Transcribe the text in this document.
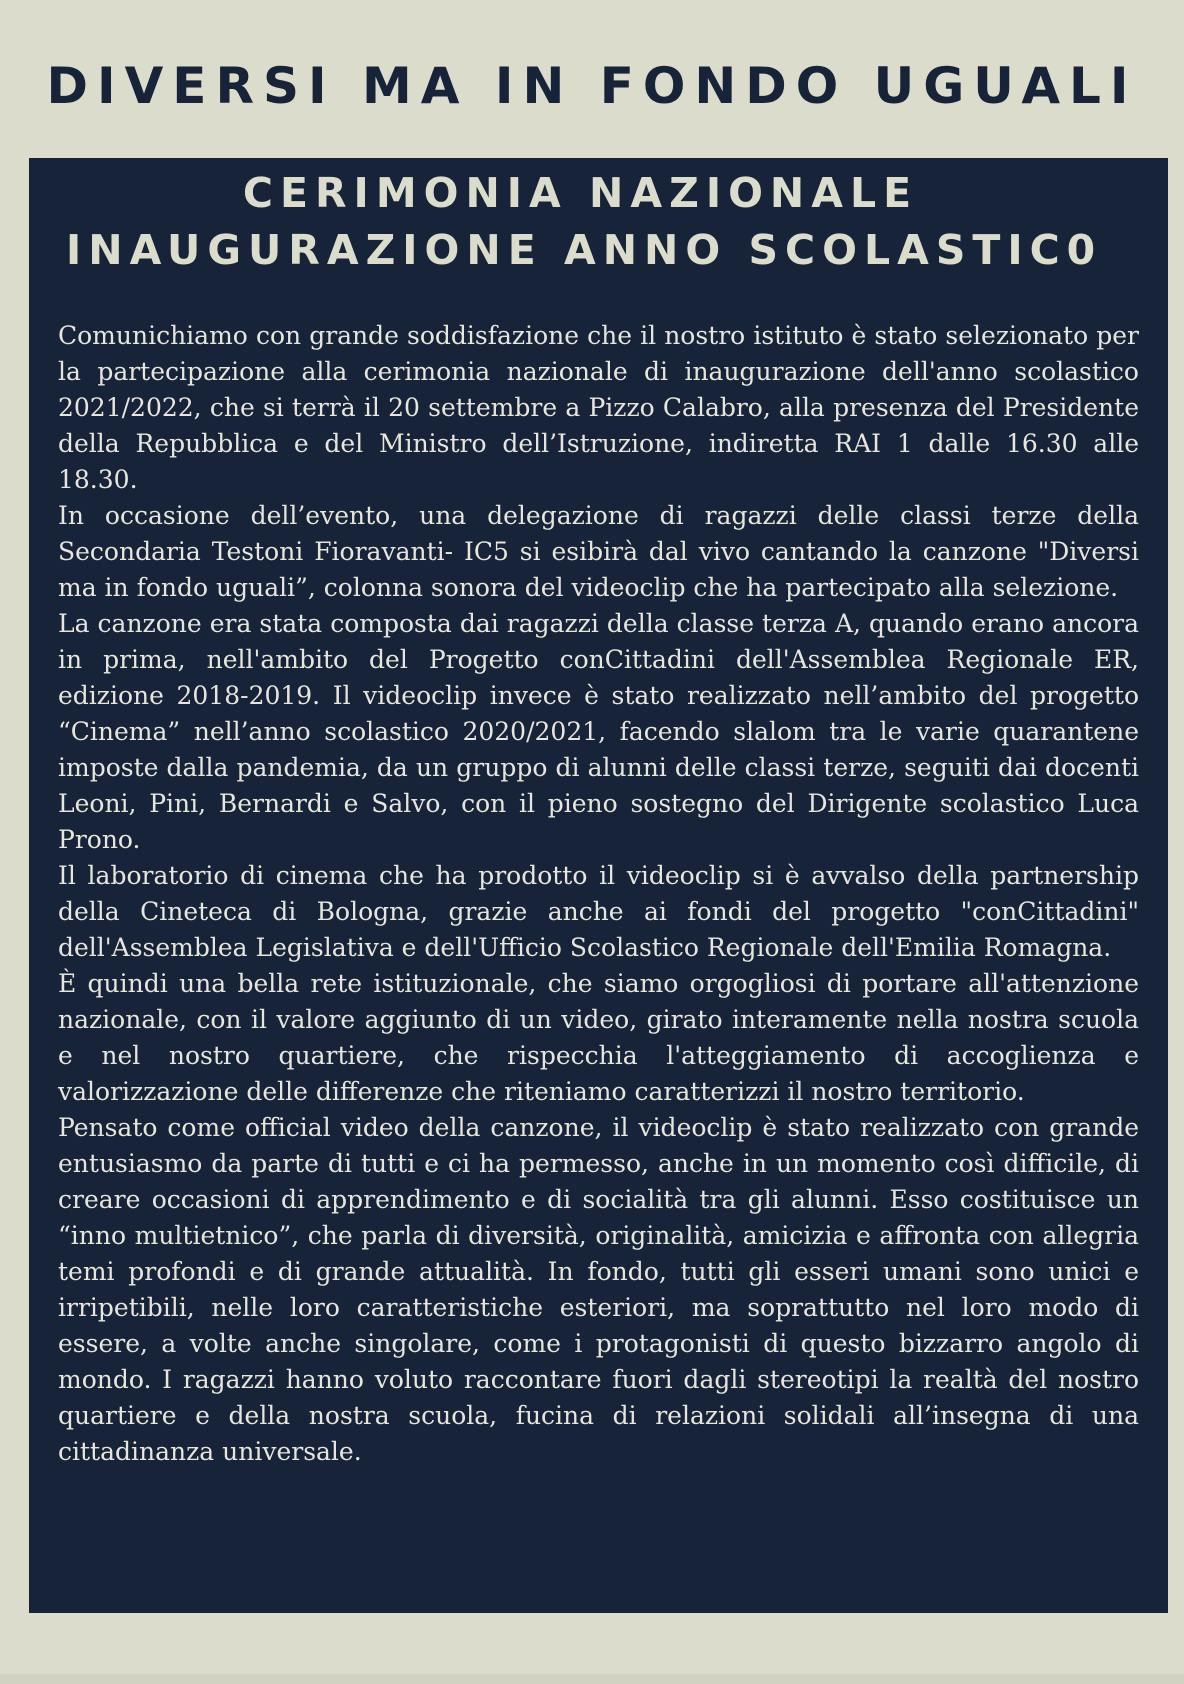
DIVERSI MA IN FONDO UGUALI
CERIMONIA NAZIONALE
INAUGURAZIONE ANNO SCOLASTIC0

Comunichiamo con grande soddisfazione che il nostro istituto è stato selezionato per la partecipazione alla cerimonia nazionale di inaugurazione dell'anno scolastico 2021/2022, che si terrà il 20 settembre a Pizzo Calabro, alla presenza del Presidente della Repubblica e del Ministro dell’Istruzione, indiretta RAI 1 dalle 16.30 alle 18.30.

In occasione dell’evento, una delegazione di ragazzi delle classi terze della Secondaria Testoni Fioravanti- IC5 si esibirà dal vivo cantando la canzone "Diversi ma in fondo uguali”, colonna sonora del videoclip che ha partecipato alla selezione.

La canzone era stata composta dai ragazzi della classe terza A, quando erano ancora in prima, nell'ambito del Progetto conCittadini dell'Assemblea Regionale ER, edizione 2018-2019. Il videoclip invece è stato realizzato nell’ambito del progetto “Cinema” nell’anno scolastico 2020/2021, facendo slalom tra le varie quarantene imposte dalla pandemia, da un gruppo di alunni delle classi terze, seguiti dai docenti Leoni, Pini, Bernardi e Salvo, con il pieno sostegno del Dirigente scolastico Luca Prono.

Il laboratorio di cinema che ha prodotto il videoclip si è avvalso della partnership della Cineteca di Bologna, grazie anche ai fondi del progetto "conCittadini" dell'Assemblea Legislativa e dell'Ufficio Scolastico Regionale dell'Emilia Romagna.

È quindi una bella rete istituzionale, che siamo orgogliosi di portare all'attenzione nazionale, con il valore aggiunto di un video, girato interamente nella nostra scuola e nel nostro quartiere, che rispecchia l'atteggiamento di accoglienza e valorizzazione delle differenze che riteniamo caratterizzi il nostro territorio.

Pensato come official video della canzone, il videoclip è stato realizzato con grande entusiasmo da parte di tutti e ci ha permesso, anche in un momento così difficile, di creare occasioni di apprendimento e di socialità tra gli alunni. Esso costituisce un “inno multietnico”, che parla di diversità, originalità, amicizia e affronta con allegria temi profondi e di grande attualità. In fondo, tutti gli esseri umani sono unici e irripetibili, nelle loro caratteristiche esteriori, ma soprattutto nel loro modo di essere, a volte anche singolare, come i protagonisti di questo bizzarro angolo di mondo. I ragazzi hanno voluto raccontare fuori dagli stereotipi la realtà del nostro quartiere e della nostra scuola, fucina di relazioni solidali all’insegna di una cittadinanza universale.
